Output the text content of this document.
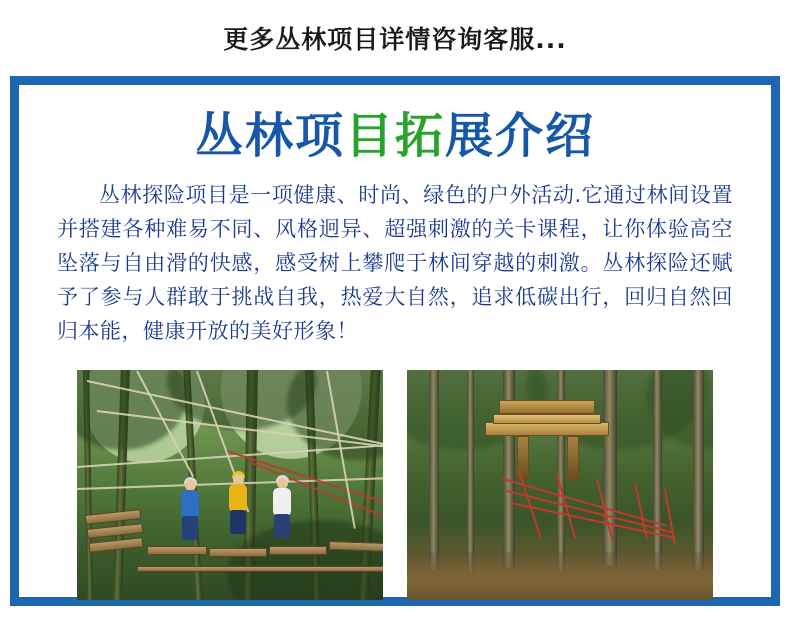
更多丛林项目详情咨询客服...
丛林项目拓展介绍
丛林探险项目是一项健康、时尚、绿色的户外活动.它通过林间设置并搭建各种难易不同、风格迥异、超强刺激的关卡课程，让你体验高空坠落与自由滑的快感，感受树上攀爬于林间穿越的刺激。丛林探险还赋予了参与人群敢于挑战自我，热爱大自然，追求低碳出行，回归自然回归本能，健康开放的美好形象！
